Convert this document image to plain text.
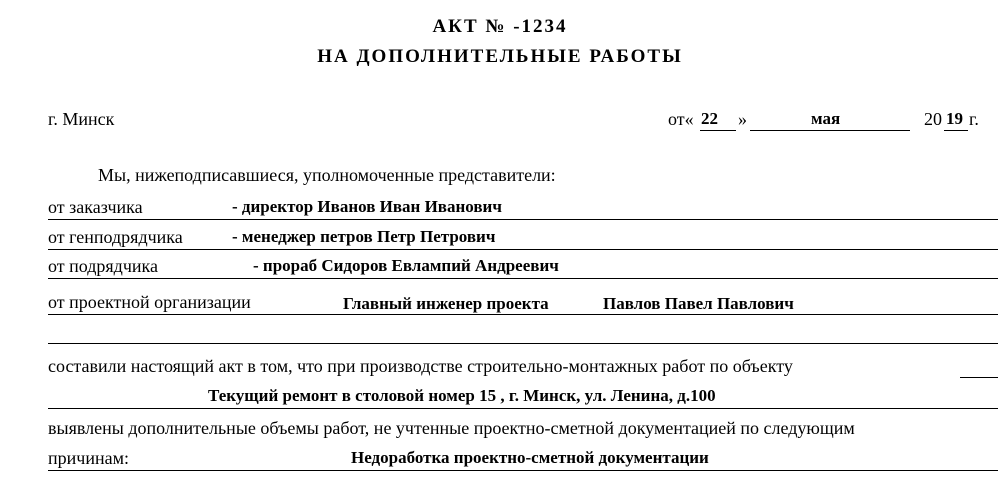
АКТ № -1234
НА ДОПОЛНИТЕЛЬНЫЕ РАБОТЫ
г. Минск	от« 22 »	мая	20 19 г.
Мы, нижеподписавшиеся, уполномоченные представители:
от заказчика	- директор Иванов Иван Иванович
от генподрядчика	- менеджер петров Петр Петрович
от подрядчика	- прораб Сидоров Евлампий Андреевич
от проектной организации	Главный инженер проекта	Павлов Павел Павлович
составили настоящий акт в том, что при производстве строительно-монтажных работ по объекту
Текущий ремонт в столовой номер 15 , г. Минск, ул. Ленина, д.100
выявлены дополнительные объемы работ, не учтенные проектно-сметной документацией по следующим
причинам:	Недоработка проектно-сметной документации
